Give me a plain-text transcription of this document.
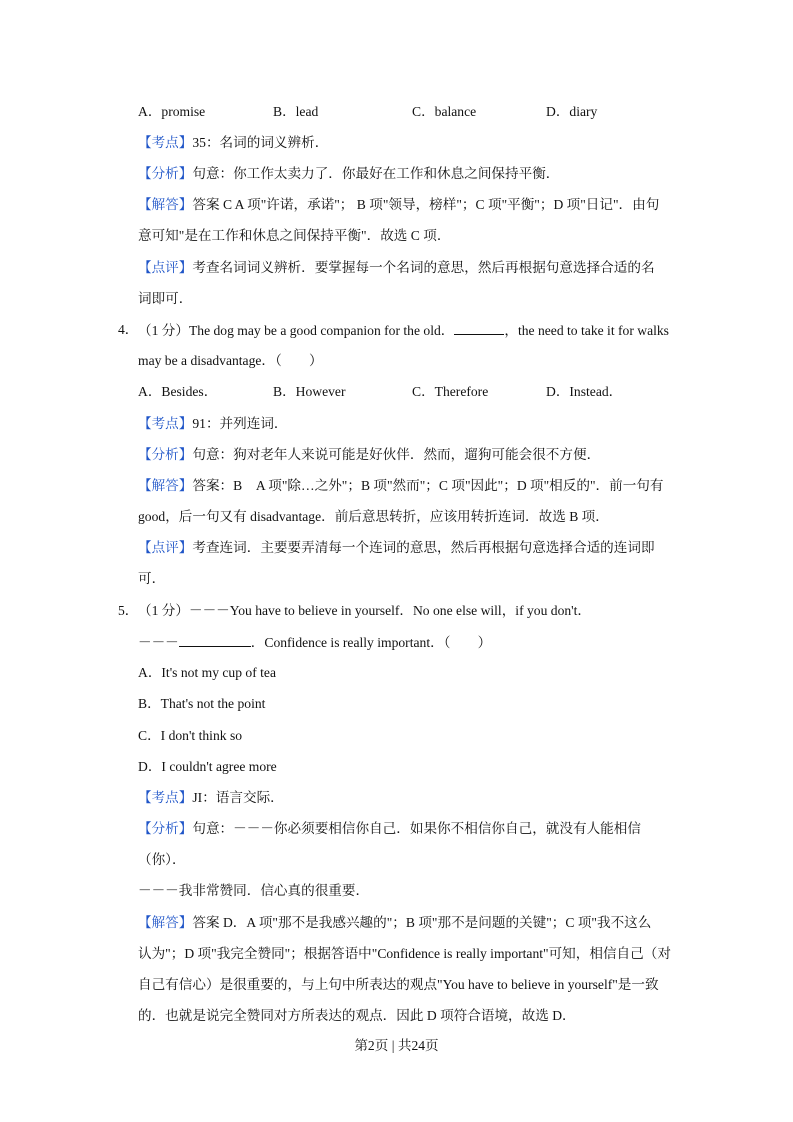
A．promise	B．lead	C．balance	D．diary
【考点】35：名词的词义辨析．
【分析】句意：你工作太卖力了．你最好在工作和休息之间保持平衡．
【解答】答案 C A 项"许诺，承诺"； B 项"领导，榜样"；C 项"平衡"；D 项"日记"．由句
意可知"是在工作和休息之间保持平衡"．故选 C 项．
【点评】考查名词词义辨析．要掌握每一个名词的意思，然后再根据句意选择合适的名
词即可．
4． （1 分）The dog may be a good companion for the old．	，the need to take it for walks
may be a disadvantage．（　　）
A．Besides．	B．However	C．Therefore	D．Instead．
【考点】91：并列连词．
【分析】句意：狗对老年人来说可能是好伙伴．然而，遛狗可能会很不方便．
【解答】答案：B　A 项"除…之外"；B 项"然而"；C 项"因此"；D 项"相反的"．前一句有
good，后一句又有 disadvantage．前后意思转折，应该用转折连词．故选 B 项．
【点评】考查连词．主要要弄清每一个连词的意思，然后再根据句意选择合适的连词即
可．
5． （1 分）－－－You have to believe in yourself．No one else will，if you don't．
－－－	．Confidence is really important．（　　）
A．It's not my cup of tea
B．That's not the point
C．I don't think so
D．I couldn't agree more
【考点】JI：语言交际．
【分析】句意：－－－你必须要相信你自己．如果你不相信你自己，就没有人能相信
（你）．
－－－我非常赞同．信心真的很重要．
【解答】答案 D．A 项"那不是我感兴趣的"；B 项"那不是问题的关键"；C 项"我不这么
认为"；D 项"我完全赞同"；根据答语中"Confidence is really important"可知，相信自己（对
自己有信心）是很重要的，与上句中所表达的观点"You have to believe in yourself"是一致
的．也就是说完全赞同对方所表达的观点．因此 D 项符合语境，故选 D．
第2页 | 共24页
